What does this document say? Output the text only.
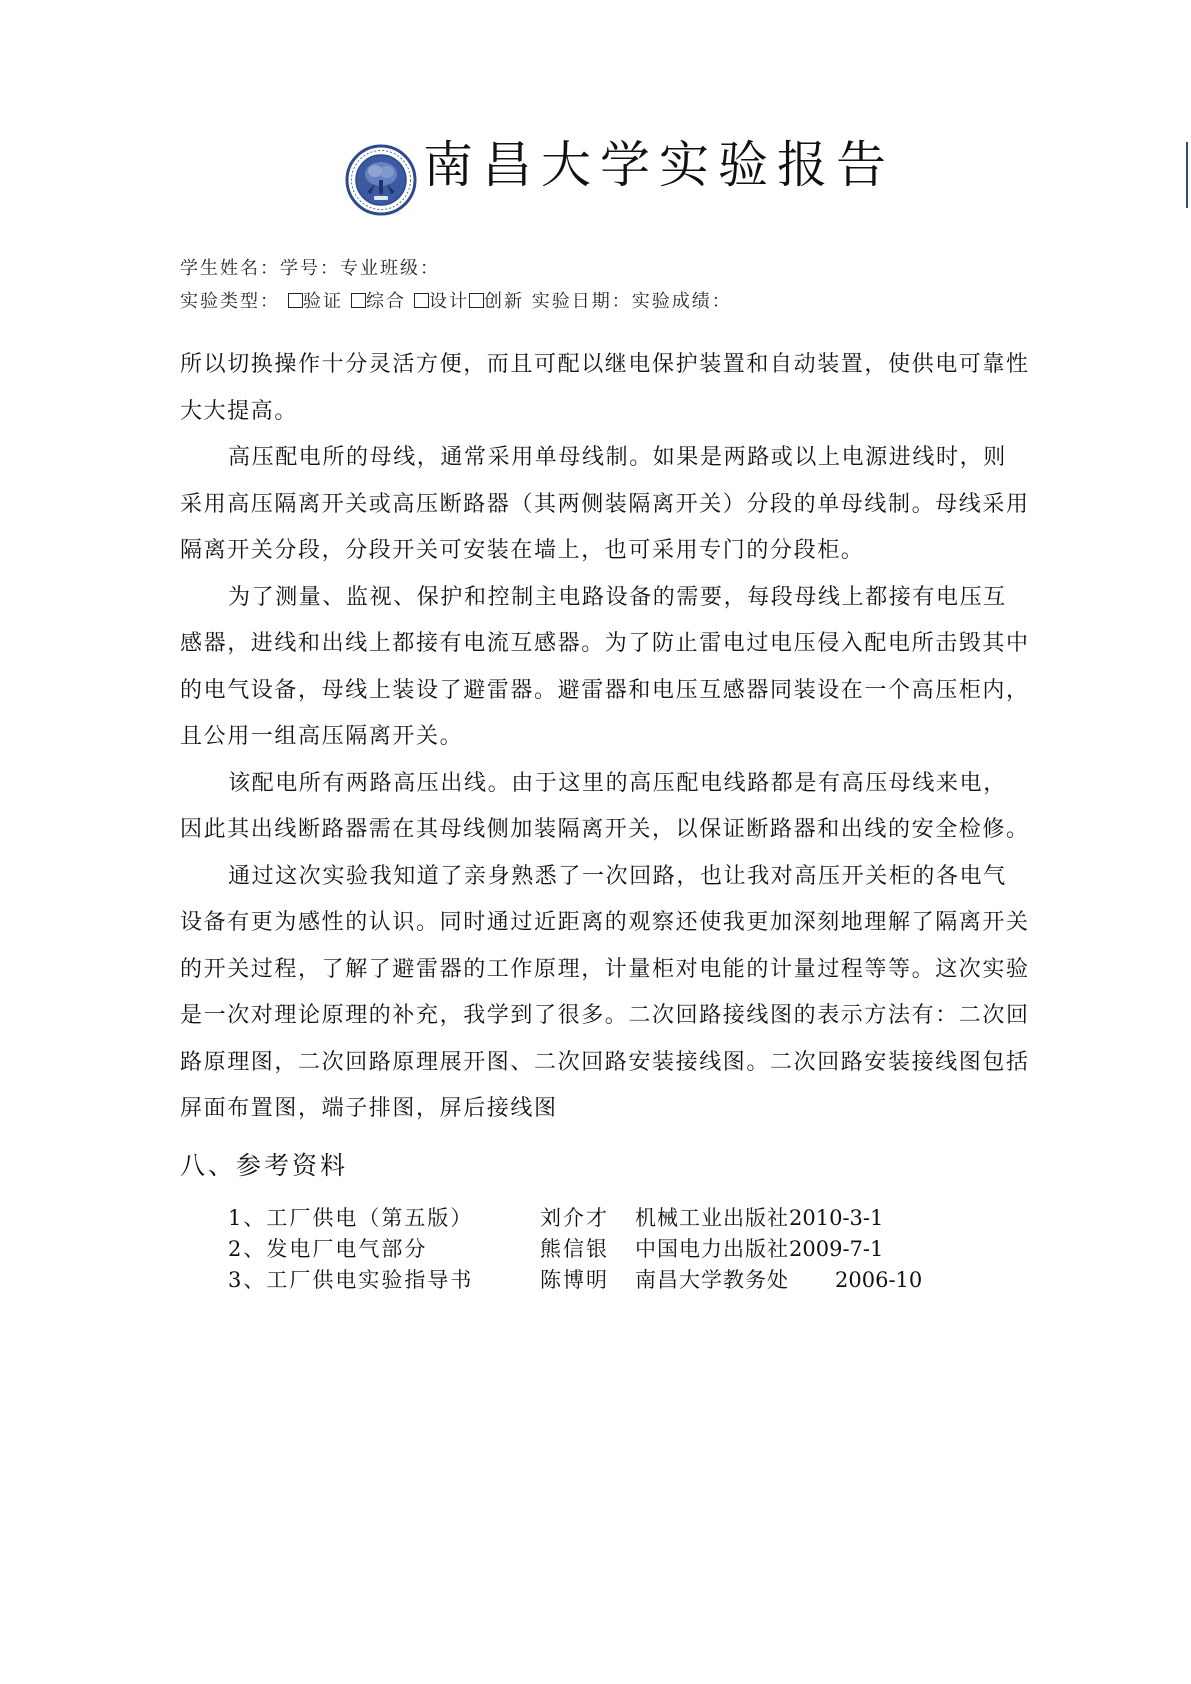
南昌大学实验报告
学生姓名：学号：专业班级：
实验类型： 验证 综合 设计 创新 实验日期：实验成绩：

所以切换操作十分灵活方便，而且可配以继电保护装置和自动装置，使供电可靠性大大提高。

高压配电所的母线，通常采用单母线制。如果是两路或以上电源进线时，则采用高压隔离开关或高压断路器（其两侧装隔离开关）分段的单母线制。母线采用隔离开关分段，分段开关可安装在墙上，也可采用专门的分段柜。

为了测量、监视、保护和控制主电路设备的需要，每段母线上都接有电压互感器，进线和出线上都接有电流互感器。为了防止雷电过电压侵入配电所击毁其中的电气设备，母线上装设了避雷器。避雷器和电压互感器同装设在一个高压柜内，且公用一组高压隔离开关。

该配电所有两路高压出线。由于这里的高压配电线路都是有高压母线来电，因此其出线断路器需在其母线侧加装隔离开关，以保证断路器和出线的安全检修。

通过这次实验我知道了亲身熟悉了一次回路，也让我对高压开关柜的各电气设备有更为感性的认识。同时通过近距离的观察还使我更加深刻地理解了隔离开关的开关过程，了解了避雷器的工作原理，计量柜对电能的计量过程等等。这次实验是一次对理论原理的补充，我学到了很多。二次回路接线图的表示方法有：二次回路原理图，二次回路原理展开图、二次回路安装接线图。二次回路安装接线图包括屏面布置图，端子排图，屏后接线图

八、参考资料
1、工厂供电（第五版）	刘介才	机械工业出版社 2010-3-1
2、发电厂电气部分	熊信银	中国电力出版社 2009-7-1
3、工厂供电实验指导书	陈博明	南昌大学教务处	2006-10
